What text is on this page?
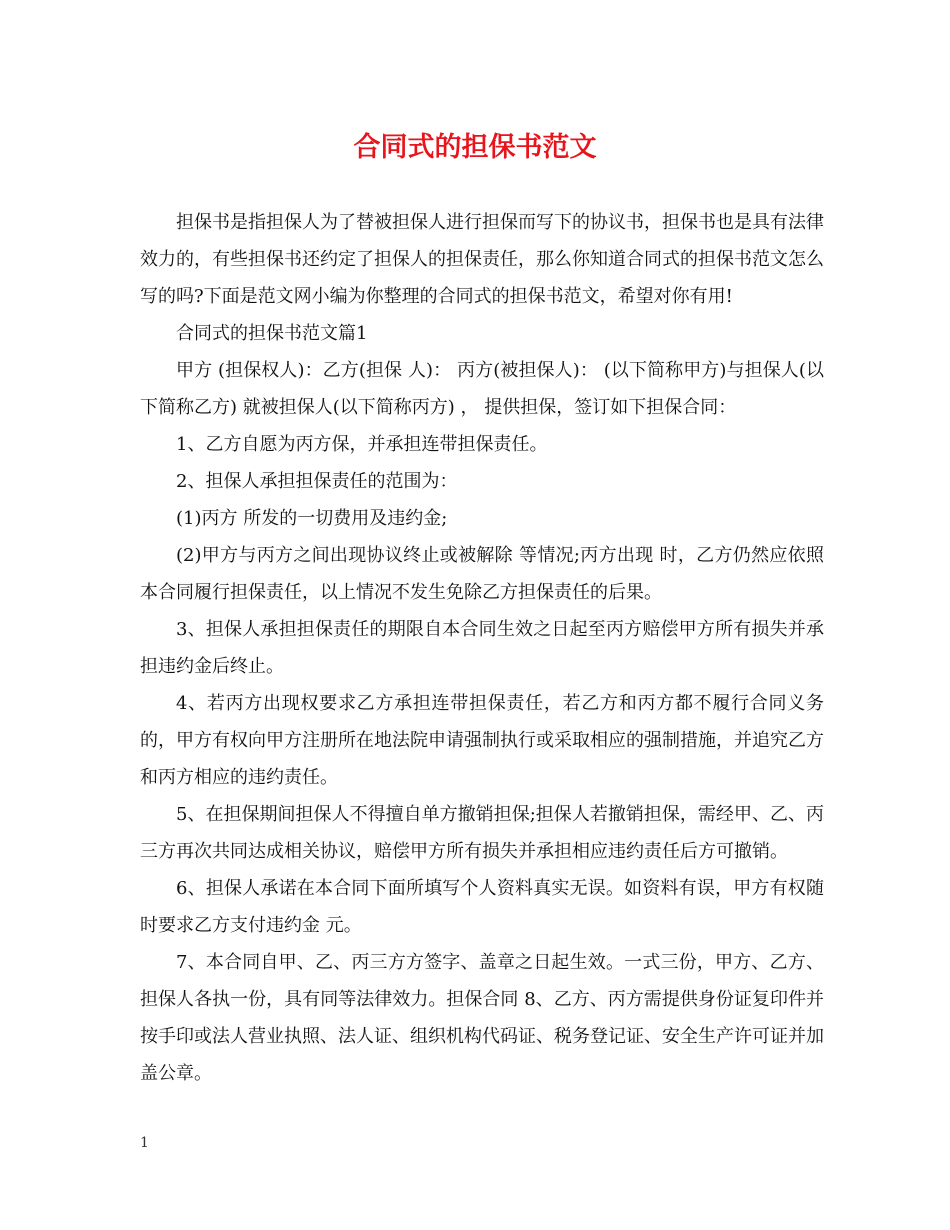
合同式的担保书范文

担保书是指担保人为了替被担保人进行担保而写下的协议书，担保书也是具有法律效力的，有些担保书还约定了担保人的担保责任，那么你知道合同式的担保书范文怎么写的吗?下面是范文网小编为你整理的合同式的担保书范文，希望对你有用!

合同式的担保书范文篇1

甲方 (担保权人)：乙方(担保 人)： 丙方(被担保人)： (以下简称甲方)与担保人(以下简称乙方) 就被担保人(以下简称丙方) ， 提供担保，签订如下担保合同：

1、乙方自愿为丙方保，并承担连带担保责任。

2、担保人承担担保责任的范围为：

(1)丙方 所发的一切费用及违约金;

(2)甲方与丙方之间出现协议终止或被解除 等情况;丙方出现 时，乙方仍然应依照本合同履行担保责任，以上情况不发生免除乙方担保责任的后果。

3、担保人承担担保责任的期限自本合同生效之日起至丙方赔偿甲方所有损失并承担违约金后终止。

4、若丙方出现权要求乙方承担连带担保责任，若乙方和丙方都不履行合同义务的，甲方有权向甲方注册所在地法院申请强制执行或采取相应的强制措施，并追究乙方和丙方相应的违约责任。

5、在担保期间担保人不得擅自单方撤销担保;担保人若撤销担保，需经甲、乙、丙三方再次共同达成相关协议，赔偿甲方所有损失并承担相应违约责任后方可撤销。

6、担保人承诺在本合同下面所填写个人资料真实无误。如资料有误，甲方有权随时要求乙方支付违约金 元。

7、本合同自甲、乙、丙三方方签字、盖章之日起生效。一式三份，甲方、乙方、担保人各执一份，具有同等法律效力。担保合同 8、乙方、丙方需提供身份证复印件并按手印或法人营业执照、法人证、组织机构代码证、税务登记证、安全生产许可证并加盖公章。

1
